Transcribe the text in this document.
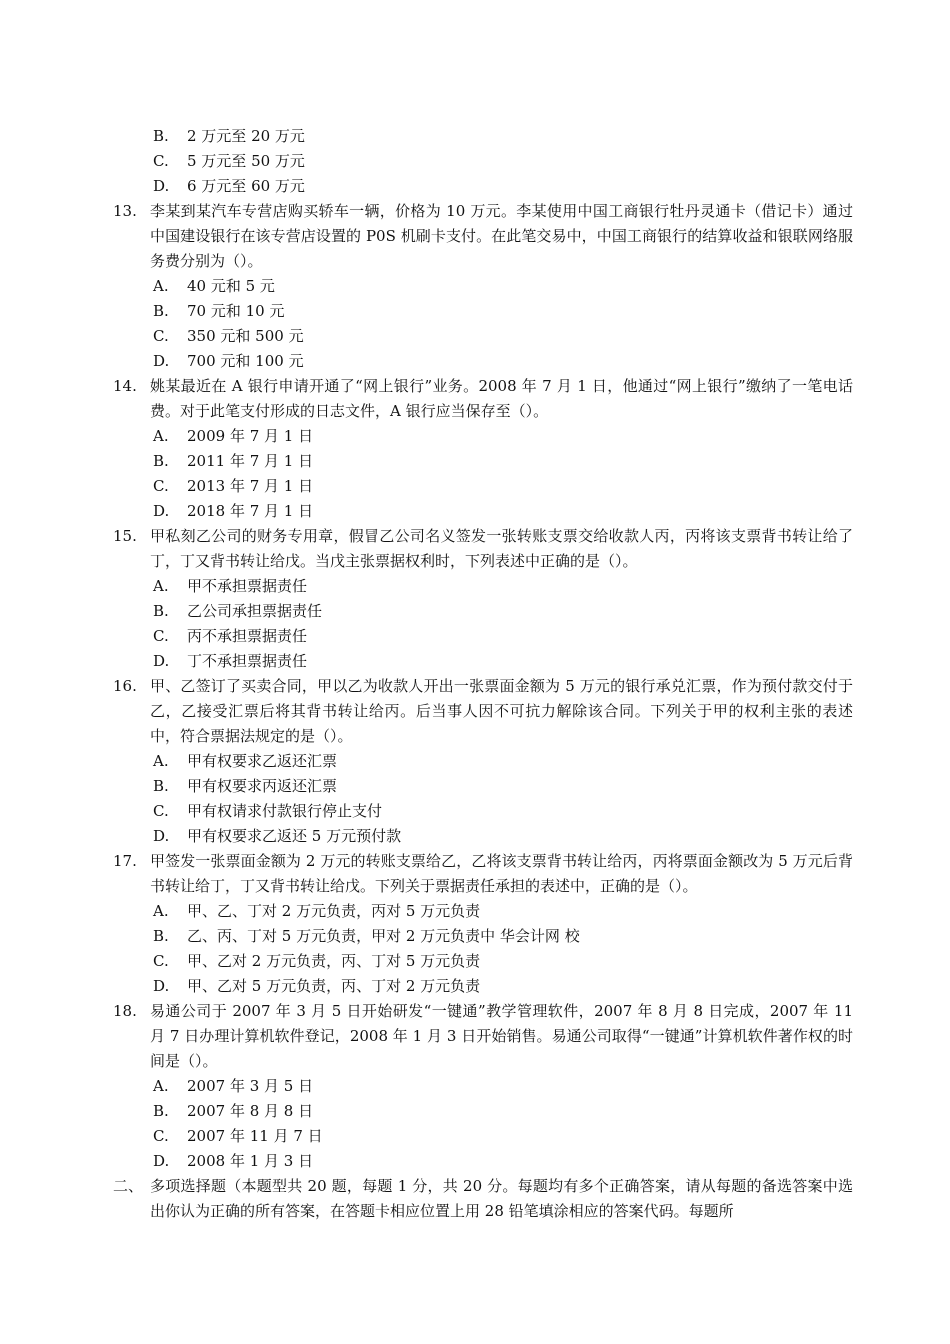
B.	2 万元至 20 万元
C.	5 万元至 50 万元
D.	6 万元至 60 万元
13. 李某到某汽车专营店购买轿车一辆，价格为 10 万元。李某使用中国工商银行牡丹灵通卡（借记卡）通过中国建设银行在该专营店设置的 P0S 机刷卡支付。在此笔交易中，中国工商银行的结算收益和银联网络服务费分别为（）。
A.	40 元和 5 元
B.	70 元和 10 元
C.	350 元和 500 元
D.	700 元和 100 元
14. 姚某最近在 A 银行申请开通了“网上银行”业务。2008 年 7 月 1 日，他通过“网上银行”缴纳了一笔电话费。对于此笔支付形成的日志文件，A 银行应当保存至（）。
A.	2009 年 7 月 1 日
B.	2011 年 7 月 1 日
C.	2013 年 7 月 1 日
D.	2018 年 7 月 1 日
15. 甲私刻乙公司的财务专用章，假冒乙公司名义签发一张转账支票交给收款人丙，丙将该支票背书转让给了丁，丁又背书转让给戊。当戊主张票据权利时，下列表述中正确的是（）。
A.	甲不承担票据责任
B.	乙公司承担票据责任
C.	丙不承担票据责任
D.	丁不承担票据责任
16. 甲、乙签订了买卖合同，甲以乙为收款人开出一张票面金额为 5 万元的银行承兑汇票，作为预付款交付于乙，乙接受汇票后将其背书转让给丙。后当事人因不可抗力解除该合同。下列关于甲的权利主张的表述中，符合票据法规定的是（）。
A.	甲有权要求乙返还汇票
B.	甲有权要求丙返还汇票
C.	甲有权请求付款银行停止支付
D.	甲有权要求乙返还 5 万元预付款
17. 甲签发一张票面金额为 2 万元的转账支票给乙，乙将该支票背书转让给丙，丙将票面金额改为 5 万元后背书转让给丁，丁又背书转让给戊。下列关于票据责任承担的表述中，正确的是（）。
A.	甲、乙、丁对 2 万元负责，丙对 5 万元负责
B.	乙、丙、丁对 5 万元负责，甲对 2 万元负责中 华会计网 校
C.	甲、乙对 2 万元负责，丙、丁对 5 万元负责
D.	甲、乙对 5 万元负责，丙、丁对 2 万元负责
18. 易通公司于 2007 年 3 月 5 日开始研发“一键通”教学管理软件，2007 年 8 月 8 日完成，2007 年 11 月 7 日办理计算机软件登记，2008 年 1 月 3 日开始销售。易通公司取得“一键通”计算机软件著作权的时间是（）。
A.	2007 年 3 月 5 日
B.	2007 年 8 月 8 日
C.	2007 年 11 月 7 日
D.	2008 年 1 月 3 日
二、 多项选择题（本题型共 20 题，每题 1 分，共 20 分。每题均有多个正确答案，请从每题的备选答案中选出你认为正确的所有答案，在答题卡相应位置上用 28 铅笔填涂相应的答案代码。每题所
